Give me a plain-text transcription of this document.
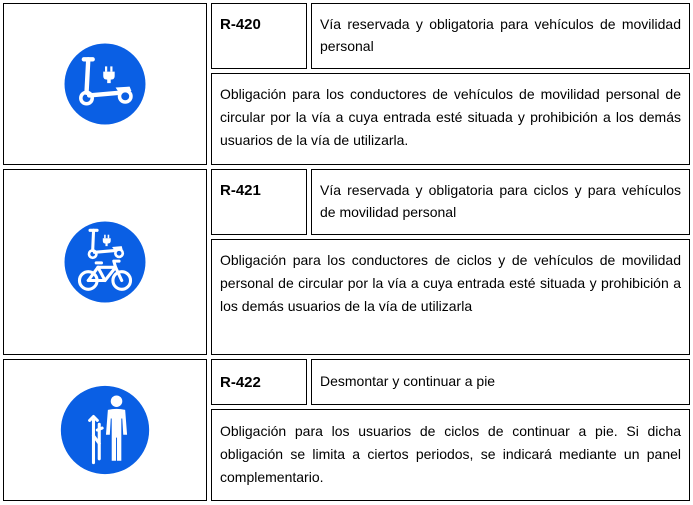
R-420	Vía reservada y obligatoria para vehículos de movilidad personal
Obligación para los conductores de vehículos de movilidad personal de circular por la vía a cuya entrada esté situada y prohibición a los demás usuarios de la vía de utilizarla.
R-421	Vía reservada y obligatoria para ciclos y para vehículos de movilidad personal
Obligación para los conductores de ciclos y de vehículos de movilidad personal de circular por la vía a cuya entrada esté situada y prohibición a los demás usuarios de la vía de utilizarla
R-422	Desmontar y continuar a pie
Obligación para los usuarios de ciclos de continuar a pie. Si dicha obligación se limita a ciertos periodos, se indicará mediante un panel complementario.
